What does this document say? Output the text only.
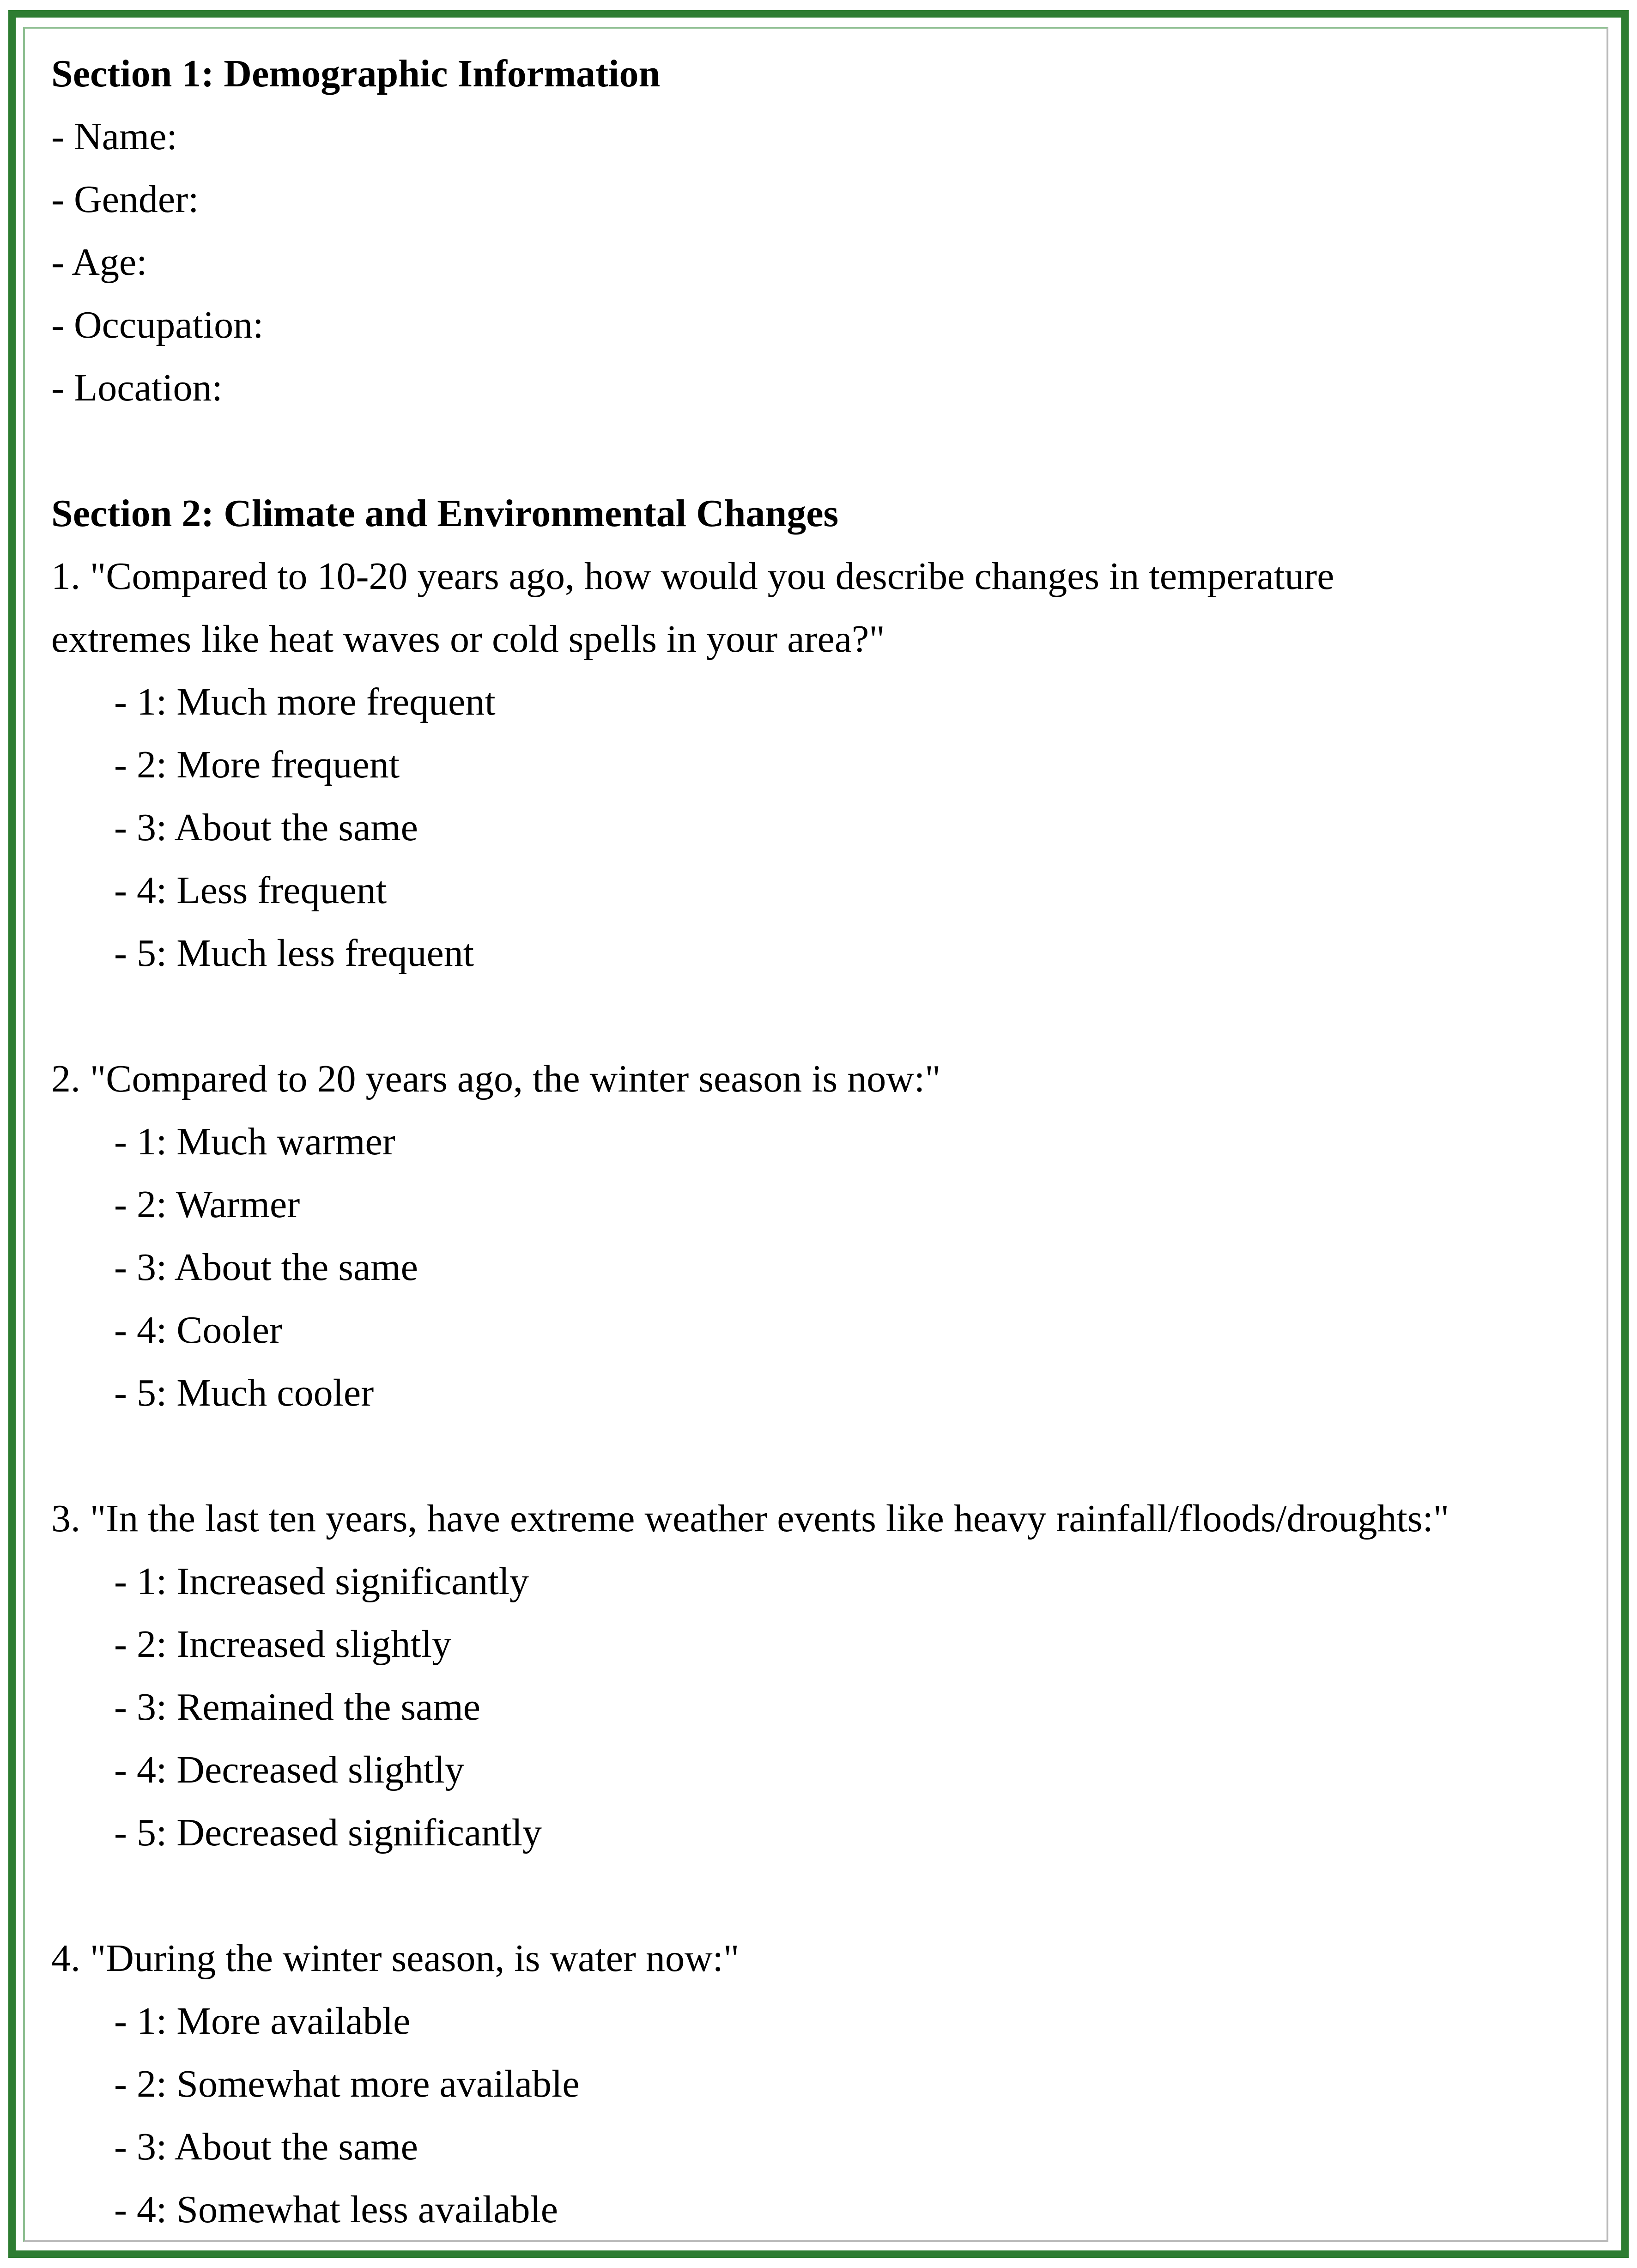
Section 1: Demographic Information
- Name:
- Gender:
- Age:
- Occupation:
- Location:
Section 2: Climate and Environmental Changes
1. "Compared to 10-20 years ago, how would you describe changes in temperature
extremes like heat waves or cold spells in your area?"
- 1: Much more frequent
- 2: More frequent
- 3: About the same
- 4: Less frequent
- 5: Much less frequent
2. "Compared to 20 years ago, the winter season is now:"
- 1: Much warmer
- 2: Warmer
- 3: About the same
- 4: Cooler
- 5: Much cooler
3. "In the last ten years, have extreme weather events like heavy rainfall/floods/droughts:"
- 1: Increased significantly
- 2: Increased slightly
- 3: Remained the same
- 4: Decreased slightly
- 5: Decreased significantly
4. "During the winter season, is water now:"
- 1: More available
- 2: Somewhat more available
- 3: About the same
- 4: Somewhat less available
